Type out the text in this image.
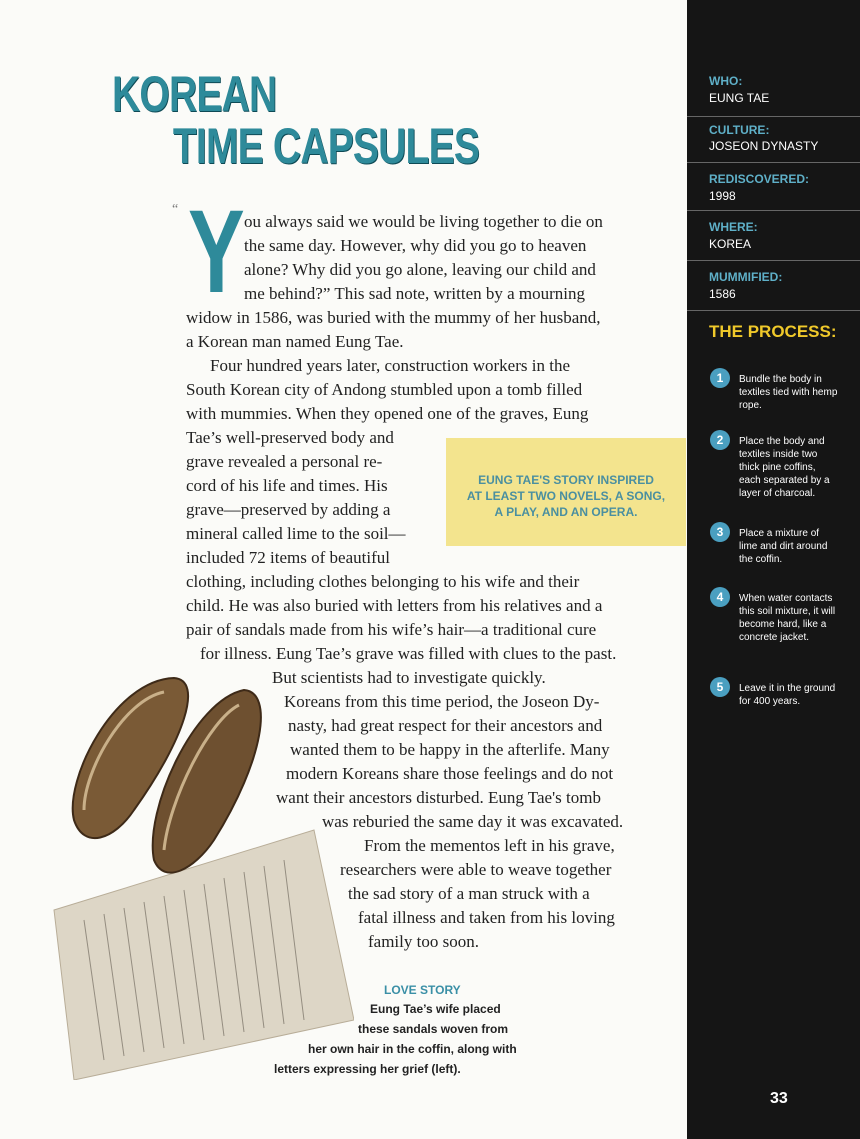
KOREAN
TIME CAPSULES
“ Y ou always said we would be living together to die on
the same day. However, why did you go to heaven
alone? Why did you go alone, leaving our child and
me behind?” This sad note, written by a mourning
widow in 1586, was buried with the mummy of her husband,
a Korean man named Eung Tae.
Four hundred years later, construction workers in the
South Korean city of Andong stumbled upon a tomb filled
with mummies. When they opened one of the graves, Eung
Tae’s well-preserved body and
grave revealed a personal re-
cord of his life and times. His
grave—preserved by adding a
mineral called lime to the soil—
included 72 items of beautiful
clothing, including clothes belonging to his wife and their
child. He was also buried with letters from his relatives and a
pair of sandals made from his wife’s hair—a traditional cure
for illness. Eung Tae’s grave was filled with clues to the past.
But scientists had to investigate quickly.
Koreans from this time period, the Joseon Dy-
nasty, had great respect for their ancestors and
wanted them to be happy in the afterlife. Many
modern Koreans share those feelings and do not
want their ancestors disturbed. Eung Tae's tomb
was reburied the same day it was excavated.
From the mementos left in his grave,
researchers were able to weave together
the sad story of a man struck with a
fatal illness and taken from his loving
family too soon.
EUNG TAE'S STORY INSPIRED
AT LEAST TWO NOVELS, A SONG,
A PLAY, AND AN OPERA.
LOVE STORY
Eung Tae’s wife placed
these sandals woven from
her own hair in the coffin, along with
letters expressing her grief (left).
WHO:
EUNG TAE
CULTURE:
JOSEON DYNASTY
REDISCOVERED:
1998
WHERE:
KOREA
MUMMIFIED:
1586
THE PROCESS:
1	Bundle the body in textiles tied with hemp rope.
2	Place the body and textiles inside two thick pine coffins, each separated by a layer of charcoal.
3	Place a mixture of lime and dirt around the coffin.
4	When water contacts this soil mixture, it will become hard, like a concrete jacket.
5	Leave it in the ground for 400 years.
33
